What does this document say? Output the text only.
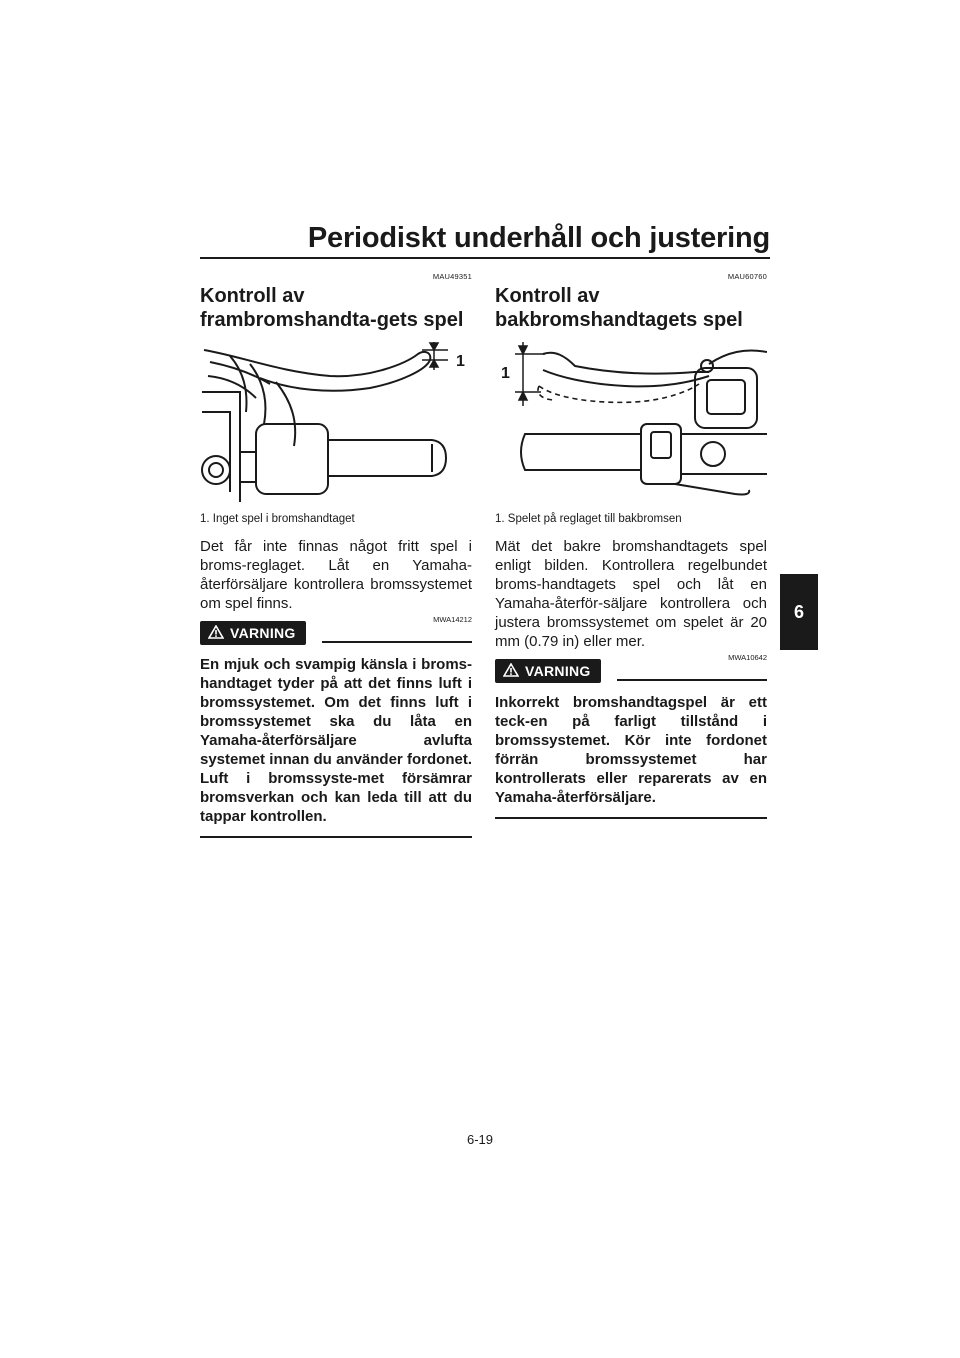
Periodiskt underhåll och justering
6
MAU49351
Kontroll av frambromshandta-gets spel
1
1. Inget spel i bromshandtaget
Det får inte finnas något fritt spel i broms-reglaget. Låt en Yamaha-återförsäljare kontrollera bromssystemet om spel finns.
VARNING
MWA14212
En mjuk och svampig känsla i broms-handtaget tyder på att det finns luft i bromssystemet. Om det finns luft i bromssystemet ska du låta en Yamaha-återförsäljare avlufta systemet innan du använder fordonet. Luft i bromssyste-met försämrar bromsverkan och kan leda till att du tappar kontrollen.
MAU60760
Kontroll av bakbromshandtagets spel
1
1. Spelet på reglaget till bakbromsen
Mät det bakre bromshandtagets spel enligt bilden. Kontrollera regelbundet broms-handtagets spel och låt en Yamaha-återför-säljare kontrollera och justera bromssystemet om spelet är 20 mm (0.79 in) eller mer.
VARNING
MWA10642
Inkorrekt bromshandtagspel är ett teck-en på farligt tillstånd i bromssystemet. Kör inte fordonet förrän bromssystemet har kontrollerats eller reparerats av en Yamaha-återförsäljare.
6-19
